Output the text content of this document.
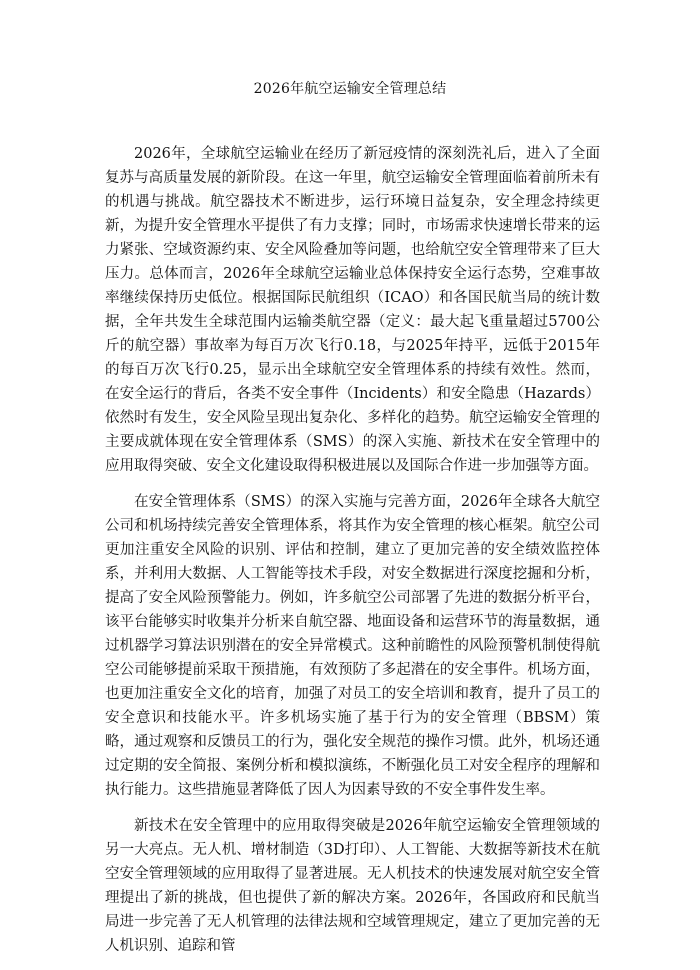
2026年航空运输安全管理总结

2026年，全球航空运输业在经历了新冠疫情的深刻洗礼后，进入了全面复苏与高质量发展的新阶段。在这一年里，航空运输安全管理面临着前所未有的机遇与挑战。航空器技术不断进步，运行环境日益复杂，安全理念持续更新，为提升安全管理水平提供了有力支撑；同时，市场需求快速增长带来的运力紧张、空域资源约束、安全风险叠加等问题，也给航空安全管理带来了巨大压力。总体而言，2026年全球航空运输业总体保持安全运行态势，空难事故率继续保持历史低位。根据国际民航组织（ICAO）和各国民航当局的统计数据，全年共发生全球范围内运输类航空器（定义：最大起飞重量超过5700公斤的航空器）事故率为每百万次飞行0.18，与2025年持平，远低于2015年的每百万次飞行0.25，显示出全球航空安全管理体系的持续有效性。然而，在安全运行的背后，各类不安全事件（Incidents）和安全隐患（Hazards）依然时有发生，安全风险呈现出复杂化、多样化的趋势。航空运输安全管理的主要成就体现在安全管理体系（SMS）的深入实施、新技术在安全管理中的应用取得突破、安全文化建设取得积极进展以及国际合作进一步加强等方面。

在安全管理体系（SMS）的深入实施与完善方面，2026年全球各大航空公司和机场持续完善安全管理体系，将其作为安全管理的核心框架。航空公司更加注重安全风险的识别、评估和控制，建立了更加完善的安全绩效监控体系，并利用大数据、人工智能等技术手段，对安全数据进行深度挖掘和分析，提高了安全风险预警能力。例如，许多航空公司部署了先进的数据分析平台，该平台能够实时收集并分析来自航空器、地面设备和运营环节的海量数据，通过机器学习算法识别潜在的安全异常模式。这种前瞻性的风险预警机制使得航空公司能够提前采取干预措施，有效预防了多起潜在的安全事件。机场方面，也更加注重安全文化的培育，加强了对员工的安全培训和教育，提升了员工的安全意识和技能水平。许多机场实施了基于行为的安全管理（BBSM）策略，通过观察和反馈员工的行为，强化安全规范的操作习惯。此外，机场还通过定期的安全简报、案例分析和模拟演练，不断强化员工对安全程序的理解和执行能力。这些措施显著降低了因人为因素导致的不安全事件发生率。

新技术在安全管理中的应用取得突破是2026年航空运输安全管理领域的另一大亮点。无人机、增材制造（3D打印）、人工智能、大数据等新技术在航空安全管理领域的应用取得了显著进展。无人机技术的快速发展对航空安全管理提出了新的挑战，但也提供了新的解决方案。2026年，各国政府和民航当局进一步完善了无人机管理的法律法规和空域管理规定，建立了更加完善的无人机识别、追踪和管
